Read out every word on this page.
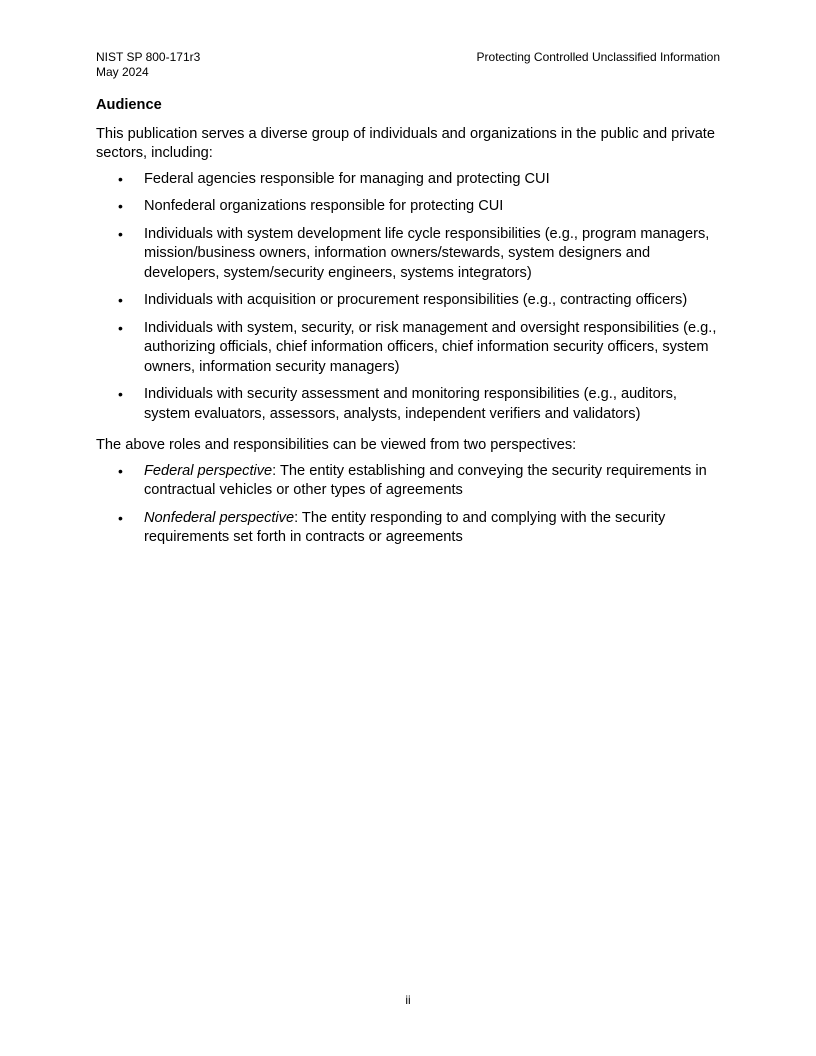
NIST SP 800-171r3
May 2024
Protecting Controlled Unclassified Information
Audience

This publication serves a diverse group of individuals and organizations in the public and private sectors, including:

• Federal agencies responsible for managing and protecting CUI
• Nonfederal organizations responsible for protecting CUI
• Individuals with system development life cycle responsibilities (e.g., program managers, mission/business owners, information owners/stewards, system designers and developers, system/security engineers, systems integrators)
• Individuals with acquisition or procurement responsibilities (e.g., contracting officers)
• Individuals with system, security, or risk management and oversight responsibilities (e.g., authorizing officials, chief information officers, chief information security officers, system owners, information security managers)
• Individuals with security assessment and monitoring responsibilities (e.g., auditors, system evaluators, assessors, analysts, independent verifiers and validators)

The above roles and responsibilities can be viewed from two perspectives:

• Federal perspective: The entity establishing and conveying the security requirements in contractual vehicles or other types of agreements
• Nonfederal perspective: The entity responding to and complying with the security requirements set forth in contracts or agreements
ii
